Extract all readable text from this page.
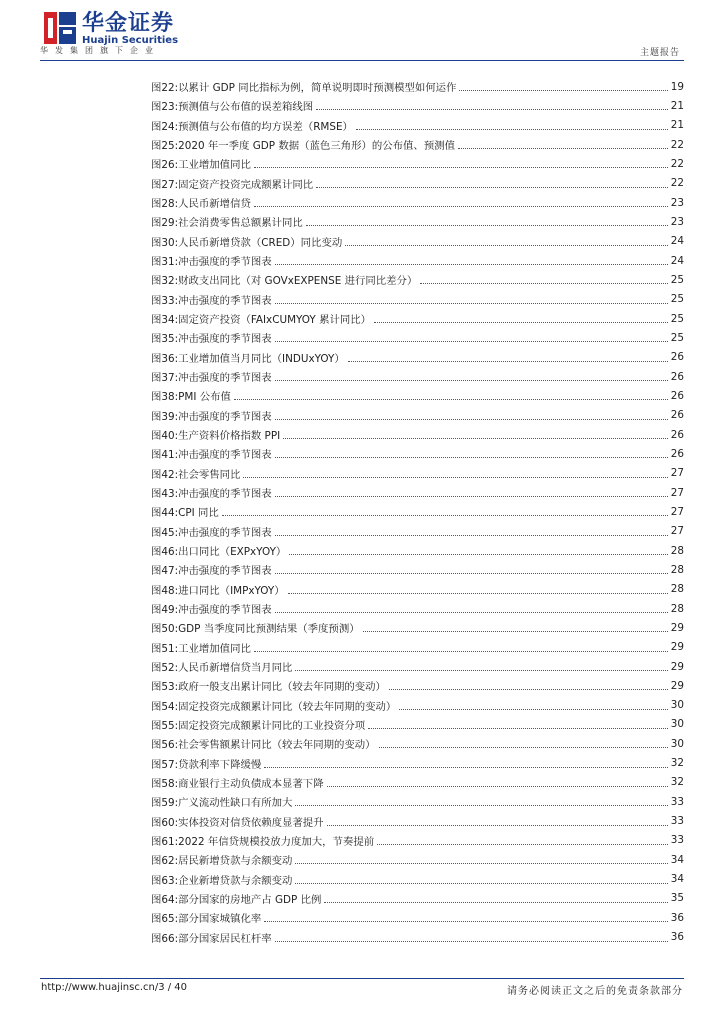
华金证券
Huajin Securities
华发集团旗下企业	主题报告
图22: 以累计 GDP 同比指标为例，简单说明即时预测模型如何运作	19
图23: 预测值与公布值的误差箱线图	21
图24: 预测值与公布值的均方误差（RMSE）	21
图25: 2020 年一季度 GDP 数据（蓝色三角形）的公布值、预测值	22
图26: 工业增加值同比	22
图27: 固定资产投资完成额累计同比	22
图28: 人民币新增信贷	23
图29: 社会消费零售总额累计同比	23
图30: 人民币新增贷款（CRED）同比变动	24
图31: 冲击强度的季节图表	24
图32: 财政支出同比（对 GOVxEXPENSE 进行同比差分）	25
图33: 冲击强度的季节图表	25
图34: 固定资产投资（FAIxCUMYOY 累计同比）	25
图35: 冲击强度的季节图表	25
图36: 工业增加值当月同比（INDUxYOY）	26
图37: 冲击强度的季节图表	26
图38: PMI 公布值	26
图39: 冲击强度的季节图表	26
图40: 生产资料价格指数 PPI	26
图41: 冲击强度的季节图表	26
图42: 社会零售同比	27
图43: 冲击强度的季节图表	27
图44: CPI 同比	27
图45: 冲击强度的季节图表	27
图46: 出口同比（EXPxYOY）	28
图47: 冲击强度的季节图表	28
图48: 进口同比（IMPxYOY）	28
图49: 冲击强度的季节图表	28
图50: GDP 当季度同比预测结果（季度预测）	29
图51: 工业增加值同比	29
图52: 人民币新增信贷当月同比	29
图53: 政府一般支出累计同比（较去年同期的变动）	29
图54: 固定投资完成额累计同比（较去年同期的变动）	30
图55: 固定投资完成额累计同比的工业投资分项	30
图56: 社会零售额累计同比（较去年同期的变动）	30
图57: 贷款利率下降缓慢	32
图58: 商业银行主动负债成本显著下降	32
图59: 广义流动性缺口有所加大	33
图60: 实体投资对信贷依赖度显著提升	33
图61: 2022 年信贷规模投放力度加大，节奏提前	33
图62: 居民新增贷款与余额变动	34
图63: 企业新增贷款与余额变动	34
图64: 部分国家的房地产占 GDP 比例	35
图65: 部分国家城镇化率	36
图66: 部分国家居民杠杆率	36
http://www.huajinsc.cn/3 / 40	请务必阅读正文之后的免责条款部分
